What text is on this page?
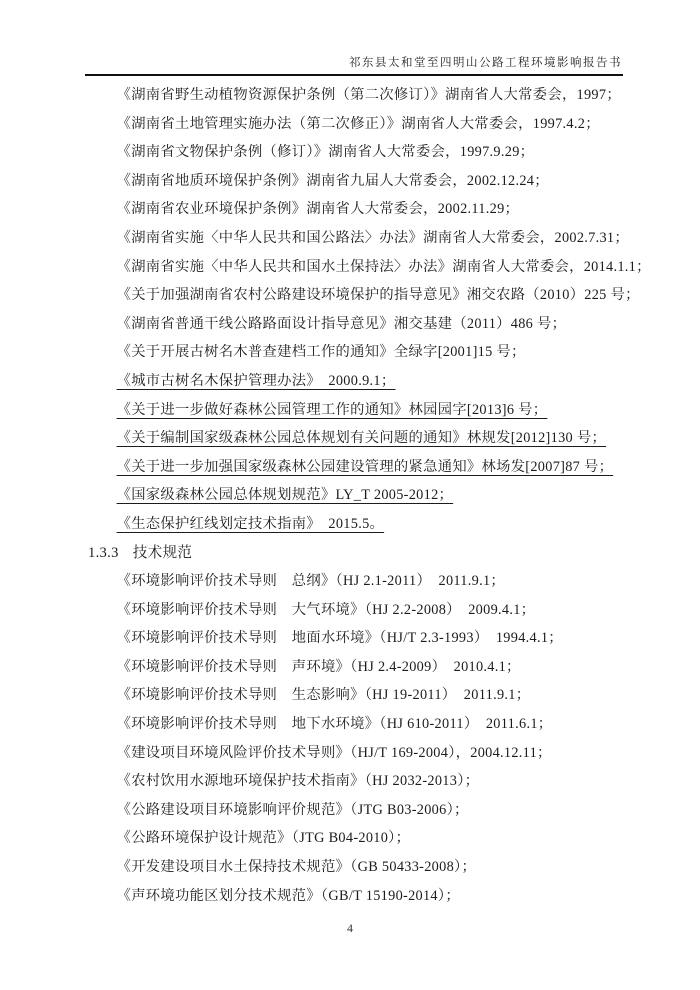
祁东县太和堂至四明山公路工程环境影响报告书

《湖南省野生动植物资源保护条例（第二次修订）》湖南省人大常委会，1997；

《湖南省土地管理实施办法（第二次修正）》湖南省人大常委会，1997.4.2；

《湖南省文物保护条例（修订）》湖南省人大常委会，1997.9.29；

《湖南省地质环境保护条例》湖南省九届人大常委会，2002.12.24；

《湖南省农业环境保护条例》湖南省人大常委会，2002.11.29；

《湖南省实施〈中华人民共和国公路法〉办法》湖南省人大常委会，2002.7.31；

《湖南省实施〈中华人民共和国水土保持法〉办法》湖南省人大常委会，2014.1.1；

《关于加强湖南省农村公路建设环境保护的指导意见》湘交农路（2010）225 号；

《湖南省普通干线公路路面设计指导意见》湘交基建（2011）486 号；

《关于开展古树名木普查建档工作的通知》全绿字[2001]15 号；

《城市古树名木保护管理办法》　2000.9.1；

《关于进一步做好森林公园管理工作的通知》林园园字[2013]6 号；

《关于编制国家级森林公园总体规划有关问题的通知》林规发[2012]130 号；

《关于进一步加强国家级森林公园建设管理的紧急通知》林场发[2007]87 号；

《国家级森林公园总体规划规范》LY_T 2005-2012；

《生态保护红线划定技术指南》　2015.5。

1.3.3 技术规范

《环境影响评价技术导则　总纲》（HJ 2.1-2011）　2011.9.1；

《环境影响评价技术导则　大气环境》（HJ 2.2-2008）　2009.4.1；

《环境影响评价技术导则　地面水环境》（HJ/T 2.3-1993）　1994.4.1；

《环境影响评价技术导则　声环境》（HJ 2.4-2009）　2010.4.1；

《环境影响评价技术导则　生态影响》（HJ 19-2011）　2011.9.1；

《环境影响评价技术导则　地下水环境》（HJ 610-2011）　2011.6.1；

《建设项目环境风险评价技术导则》（HJ/T 169-2004），2004.12.11；

《农村饮用水源地环境保护技术指南》（HJ 2032-2013）；

《公路建设项目环境影响评价规范》（JTG B03-2006）；

《公路环境保护设计规范》（JTG B04-2010）；

《开发建设项目水土保持技术规范》（GB 50433-2008）；

《声环境功能区划分技术规范》（GB/T 15190-2014）；

4
